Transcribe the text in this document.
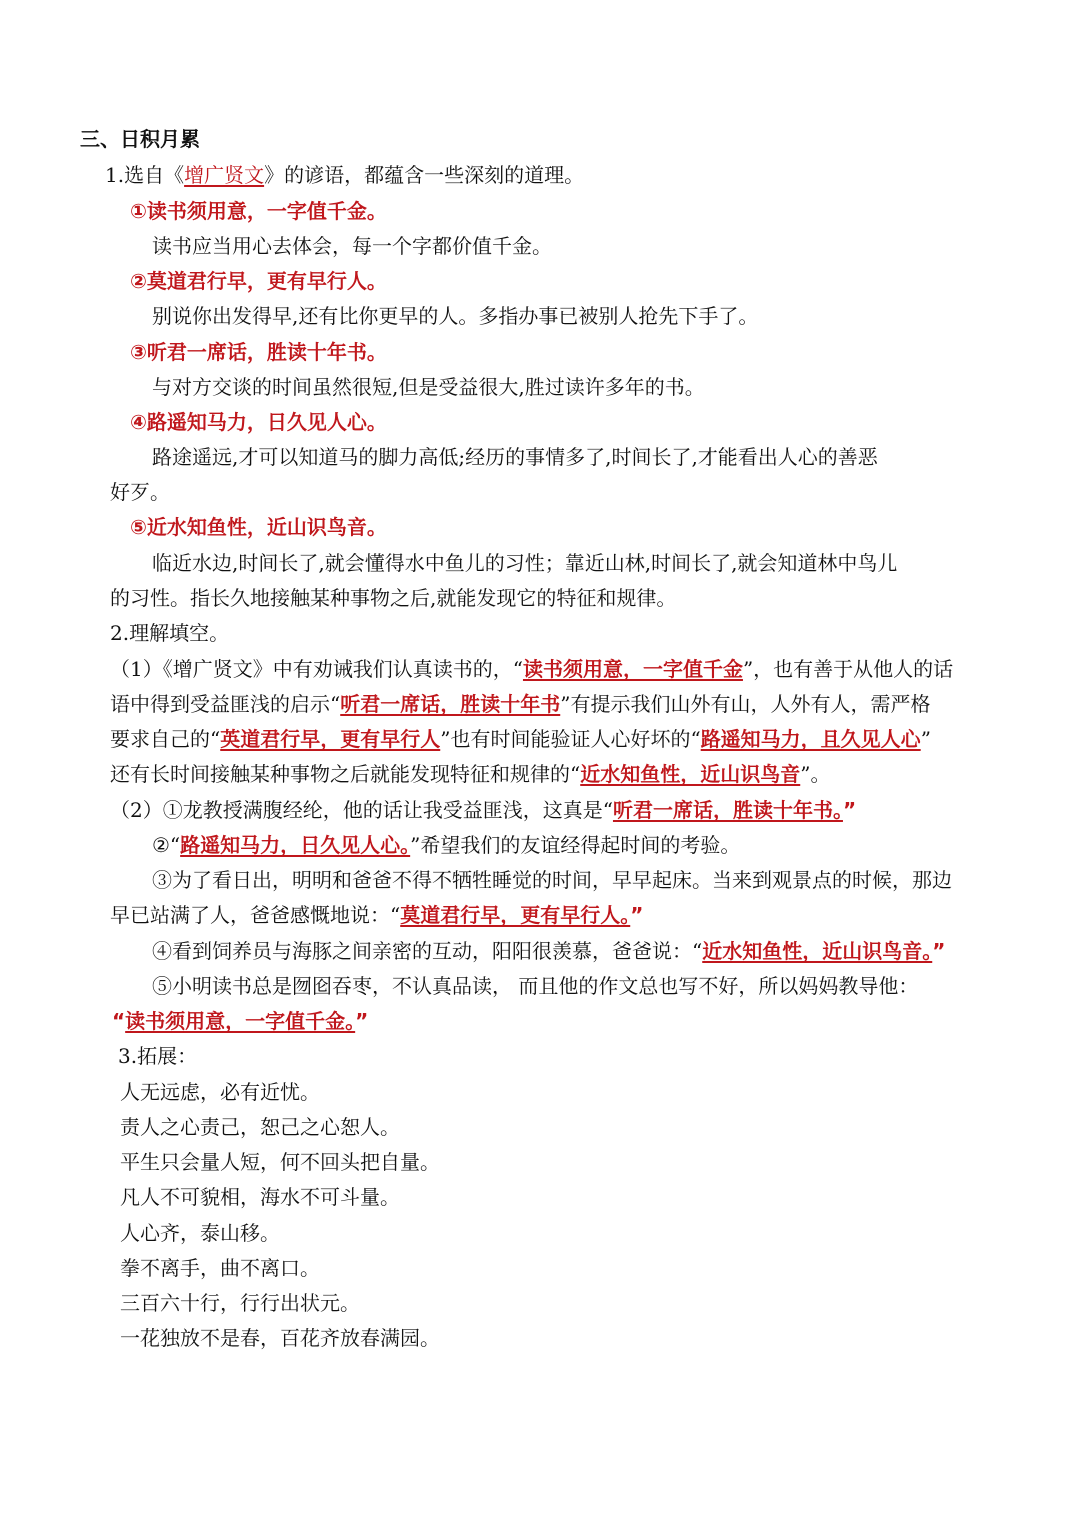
三、日积月累
1.选自《增广贤文》的谚语，都蕴含一些深刻的道理。
①读书须用意，一字值千金。
读书应当用心去体会，每一个字都价值千金。
②莫道君行早，更有早行人。
别说你出发得早,还有比你更早的人。多指办事已被别人抢先下手了。
③听君一席话，胜读十年书。
与对方交谈的时间虽然很短,但是受益很大,胜过读许多年的书。
④路遥知马力，日久见人心。
路途遥远,才可以知道马的脚力高低;经历的事情多了,时间长了,才能看出人心的善恶
好歹。
⑤近水知鱼性，近山识鸟音。
临近水边,时间长了,就会懂得水中鱼儿的习性；靠近山林,时间长了,就会知道林中鸟儿
的习性。指长久地接触某种事物之后,就能发现它的特征和规律。
2.理解填空。
（1）《增广贤文》中有劝诫我们认真读书的，“读书须用意，一字值千金”，也有善于从他人的话
语中得到受益匪浅的启示“听君一席话，胜读十年书”有提示我们山外有山，人外有人，需严格
要求自己的“英道君行早，更有早行人”也有时间能验证人心好坏的“路遥知马力，且久见人心”
还有长时间接触某种事物之后就能发现特征和规律的“近水知鱼性，近山识鸟音”。
（2）①龙教授满腹经纶，他的话让我受益匪浅，这真是“听君一席话，胜读十年书。”
②“路遥知马力，日久见人心。”希望我们的友谊经得起时间的考验。
③为了看日出，明明和爸爸不得不牺牲睡觉的时间，早早起床。当来到观景点的时候，那边
早已站满了人，爸爸感慨地说：“莫道君行早，更有早行人。”
④看到饲养员与海豚之间亲密的互动，阳阳很羡慕，爸爸说：“近水知鱼性，近山识鸟音。”
⑤小明读书总是囫囵吞枣，不认真品读， 而且他的作文总也写不好，所以妈妈教导他：
“读书须用意，一字值千金。”
3.拓展：
人无远虑，必有近忧。
责人之心责己，恕己之心恕人。
平生只会量人短，何不回头把自量。
凡人不可貌相，海水不可斗量。
人心齐，泰山移。
拳不离手，曲不离口。
三百六十行，行行出状元。
一花独放不是春，百花齐放春满园。
